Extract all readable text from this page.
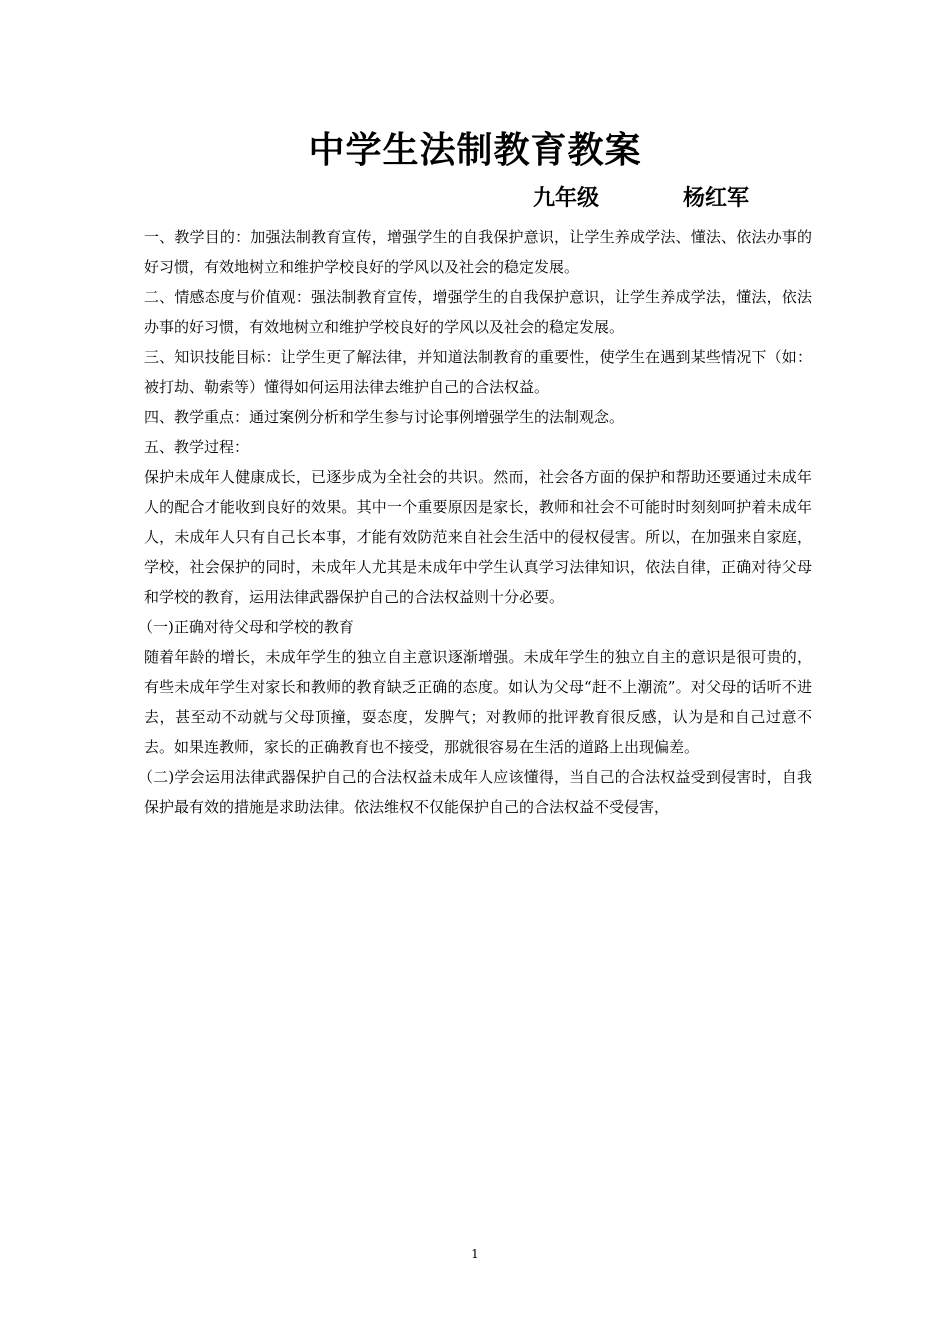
中学生法制教育教案
九年级	杨红军

一、教学目的：加强法制教育宣传，增强学生的自我保护意识，让学生养成学法、懂法、依法办事的好习惯，有效地树立和维护学校良好的学风以及社会的稳定发展。

二、情感态度与价值观：强法制教育宣传，增强学生的自我保护意识，让学生养成学法，懂法，依法办事的好习惯，有效地树立和维护学校良好的学风以及社会的稳定发展。

三、知识技能目标：让学生更了解法律，并知道法制教育的重要性，使学生在遇到某些情况下（如：被打劫、勒索等）懂得如何运用法律去维护自己的合法权益。

四、教学重点：通过案例分析和学生参与讨论事例增强学生的法制观念。

五、教学过程：

保护未成年人健康成长，已逐步成为全社会的共识。然而，社会各方面的保护和帮助还要通过未成年人的配合才能收到良好的效果。其中一个重要原因是家长，教师和社会不可能时时刻刻呵护着未成年人，未成年人只有自己长本事，才能有效防范来自社会生活中的侵权侵害。所以，在加强来自家庭，学校，社会保护的同时，未成年人尤其是未成年中学生认真学习法律知识，依法自律，正确对待父母和学校的教育，运用法律武器保护自己的合法权益则十分必要。

（一)正确对待父母和学校的教育

随着年龄的增长，未成年学生的独立自主意识逐渐增强。未成年学生的独立自主的意识是很可贵的，有些未成年学生对家长和教师的教育缺乏正确的态度。如认为父母“赶不上潮流”。对父母的话听不进去，甚至动不动就与父母顶撞，耍态度，发脾气；对教师的批评教育很反感，认为是和自己过意不去。如果连教师，家长的正确教育也不接受，那就很容易在生活的道路上出现偏差。

（二)学会运用法律武器保护自己的合法权益未成年人应该懂得，当自己的合法权益受到侵害时，自我保护最有效的措施是求助法律。依法维权不仅能保护自己的合法权益不受侵害，

1
